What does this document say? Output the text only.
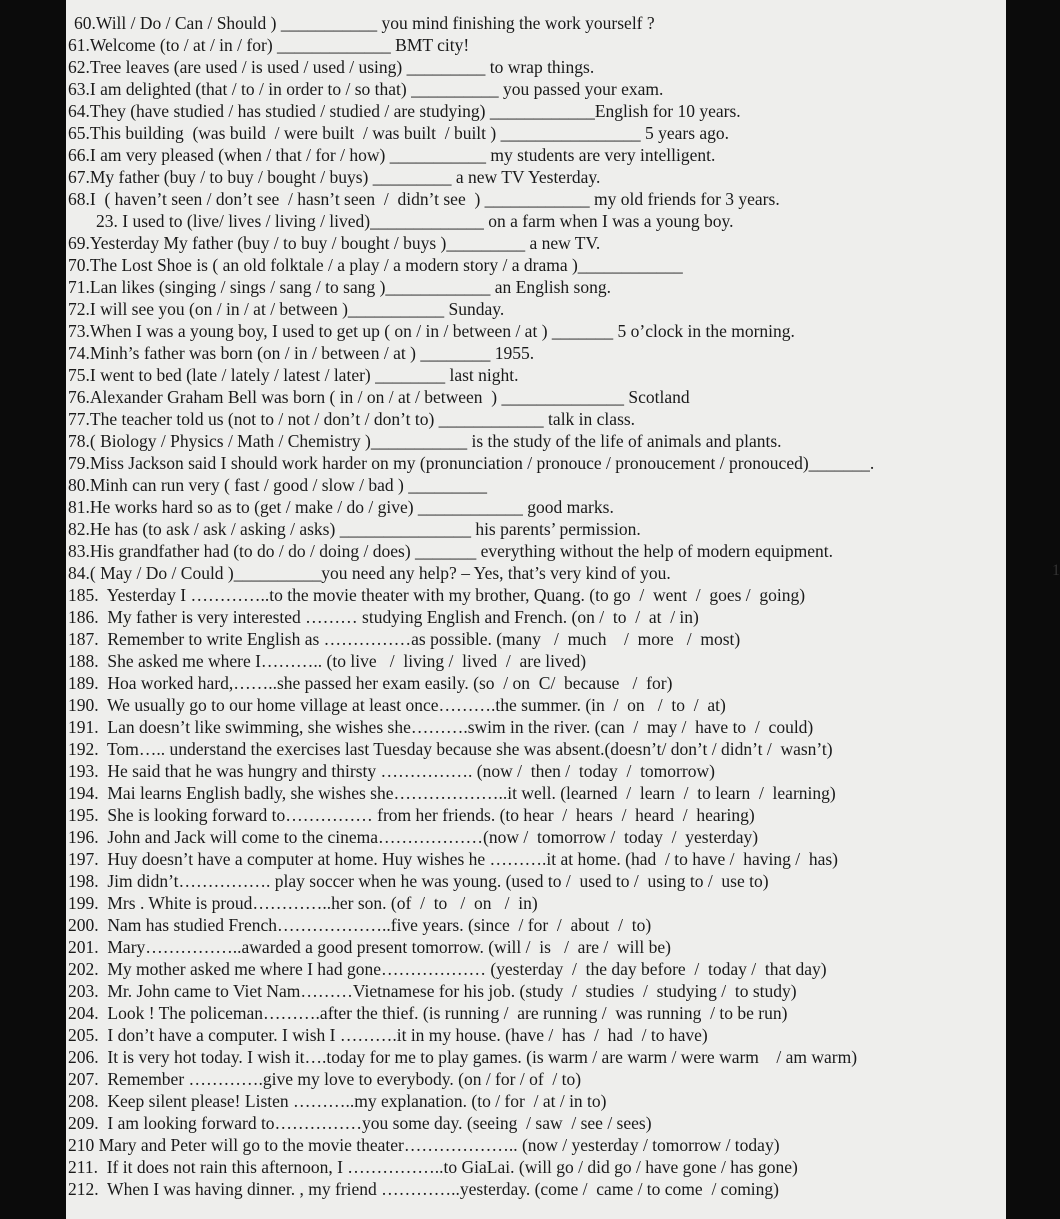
60.Will / Do / Can / Should ) ___________ you mind finishing the work yourself ?
61.Welcome (to / at / in / for) _____________ BMT city!
62.Tree leaves (are used / is used / used / using) _________ to wrap things.
63.I am delighted (that / to / in order to / so that) __________ you passed your exam.
64.They (have studied / has studied / studied / are studying) ____________English for 10 years.
65.This building  (was build  / were built  / was built  / built ) ________________ 5 years ago.
66.I am very pleased (when / that / for / how) ___________ my students are very intelligent.
67.My father (buy / to buy / bought / buys) _________ a new TV Yesterday.
68.I  ( haven’t seen / don’t see  / hasn’t seen  /  didn’t see  ) ____________ my old friends for 3 years.
23. I used to (live/ lives / living / lived)_____________ on a farm when I was a young boy.
69.Yesterday My father (buy / to buy / bought / buys )_________ a new TV.
70.The Lost Shoe is ( an old folktale / a play / a modern story / a drama )____________
71.Lan likes (singing / sings / sang / to sang )____________ an English song.
72.I will see you (on / in / at / between )___________ Sunday.
73.When I was a young boy, I used to get up ( on / in / between / at ) _______ 5 o’clock in the morning.
74.Minh’s father was born (on / in / between / at ) ________ 1955.
75.I went to bed (late / lately / latest / later) ________ last night.
76.Alexander Graham Bell was born ( in / on / at / between  ) ______________ Scotland
77.The teacher told us (not to / not / don’t / don’t to) ____________ talk in class.
78.( Biology / Physics / Math / Chemistry )___________ is the study of the life of animals and plants.
79.Miss Jackson said I should work harder on my (pronunciation / pronouce / pronoucement / pronouced)_______.
80.Minh can run very ( fast / good / slow / bad ) _________
81.He works hard so as to (get / make / do / give) ____________ good marks.
82.He has (to ask / ask / asking / asks) _______________ his parents’ permission.
83.His grandfather had (to do / do / doing / does) _______ everything without the help of modern equipment.
84.( May / Do / Could )__________you need any help? – Yes, that’s very kind of you.
185.  Yesterday I …………..to the movie theater with my brother, Quang. (to go  /  went  /  goes /  going)
186.  My father is very interested ……… studying English and French. (on /  to  /  at  / in)
187.  Remember to write English as ……………as possible. (many   /  much    /  more   /  most)
188.  She asked me where I……….. (to live   /  living /  lived  /  are lived)
189.  Hoa worked hard,……..she passed her exam easily. (so  / on  C/  because   /  for)
190.  We usually go to our home village at least once……….the summer. (in  /  on   /  to  /  at)
191.  Lan doesn’t like swimming, she wishes she……….swim in the river. (can  /  may /  have to  /  could)
192.  Tom….. understand the exercises last Tuesday because she was absent.(doesn’t/ don’t / didn’t /  wasn’t)
193.  He said that he was hungry and thirsty ……………. (now /  then /  today  /  tomorrow)
194.  Mai learns English badly, she wishes she………………..it well. (learned  /  learn  /  to learn  /  learning)
195.  She is looking forward to…………… from her friends. (to hear  /  hears  /  heard  /  hearing)
196.  John and Jack will come to the cinema………………(now /  tomorrow /  today  /  yesterday)
197.  Huy doesn’t have a computer at home. Huy wishes he ……….it at home. (had  / to have /  having /  has)
198.  Jim didn’t……………. play soccer when he was young. (used to /  used to /  using to /  use to)
199.  Mrs . White is proud…………..her son. (of  /  to   /  on   /  in)
200.  Nam has studied French………………..five years. (since  / for  /  about  /  to)
201.  Mary……………..awarded a good present tomorrow. (will /  is   /  are /  will be)
202.  My mother asked me where I had gone……………… (yesterday  /  the day before  /  today /  that day)
203.  Mr. John came to Viet Nam………Vietnamese for his job. (study  /  studies  /  studying /  to study)
204.  Look ! The policeman……….after the thief. (is running /  are running /  was running  / to be run)
205.  I don’t have a computer. I wish I ……….it in my house. (have /  has  /  had  / to have)
206.  It is very hot today. I wish it….today for me to play games. (is warm / are warm / were warm    / am warm)
207.  Remember ………….give my love to everybody. (on / for / of  / to)
208.  Keep silent please! Listen ………..my explanation. (to / for  / at / in to)
209.  I am looking forward to……………you some day. (seeing  / saw  / see / sees)
210 Mary and Peter will go to the movie theater……………….. (now / yesterday / tomorrow / today)
211.  If it does not rain this afternoon, I ……………..to GiaLai. (will go / did go / have gone / has gone)
212.  When I was having dinner. , my friend …………..yesterday. (come /  came / to come  / coming)
1
